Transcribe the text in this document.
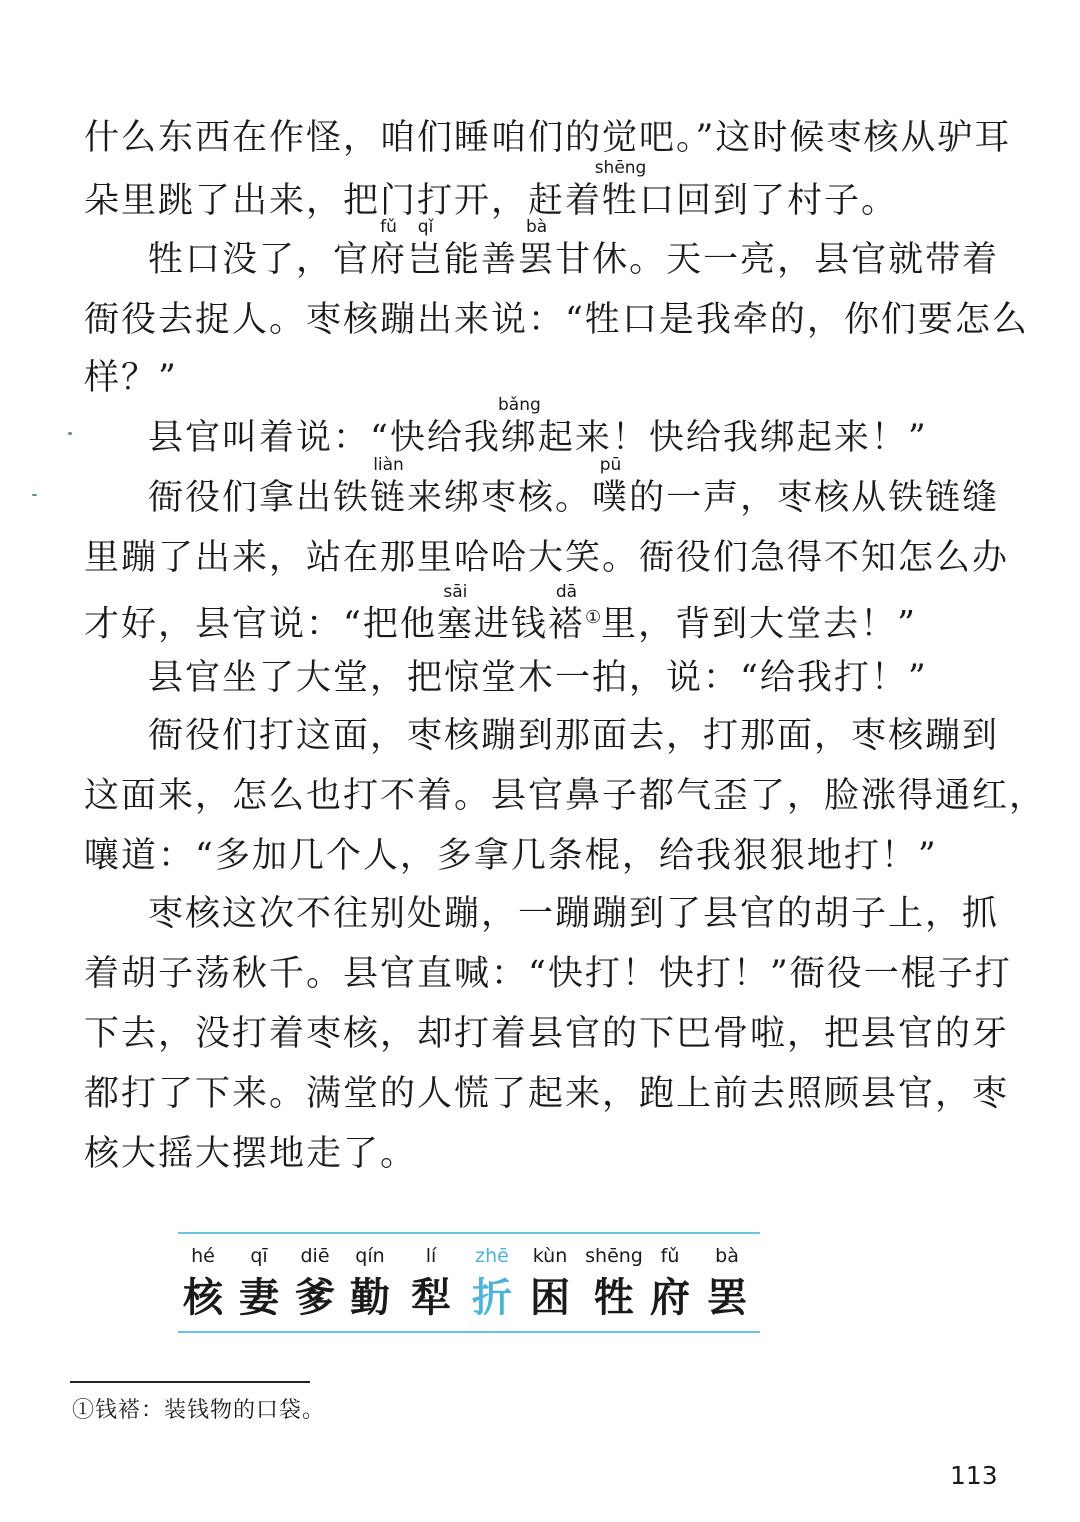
什么东西在作怪，咱们睡咱们的觉吧。”这时候枣核从驴耳
朵里跳了出来，把门打开，赶着牲
shēng
口回到了村子。
牲口没了，官府
fǔ
岂
qǐ
能善罢
bà
甘休。天一亮，县官就带着
衙役去捉人。枣核蹦出来说：“牲口是我牵的，你们要怎么
样？”
县官叫着说：“快给我绑
bǎng
起来！快给我绑起来！”
衙役们拿出铁链
liàn
来绑枣核。噗
pū
的一声，枣核从铁链缝
里蹦了出来，站在那里哈哈大笑。衙役们急得不知怎么办
才好，县官说：“把他塞
sāi
进钱褡
dā
①里，背到大堂去！”
县官坐了大堂，把惊堂木一拍，说：“给我打！”
衙役们打这面，枣核蹦到那面去，打那面，枣核蹦到
这面来，怎么也打不着。县官鼻子都气歪了，脸涨得通红，
嚷道：“多加几个人，多拿几条棍，给我狠狠地打！”
枣核这次不往别处蹦，一蹦蹦到了县官的胡子上，抓
着胡子荡秋千。县官直喊：“快打！快打！”衙役一棍子打
下去，没打着枣核，却打着县官的下巴骨啦，把县官的牙
都打了下来。满堂的人慌了起来，跑上前去照顾县官，枣
核大摇大摆地走了。
hé	qī	diē	qín	lí	zhē	kùn shēng fǔ	bà
核 妻 爹 勤 犁 折 困 牲 府 罢
①钱褡：装钱物的口袋。
113
